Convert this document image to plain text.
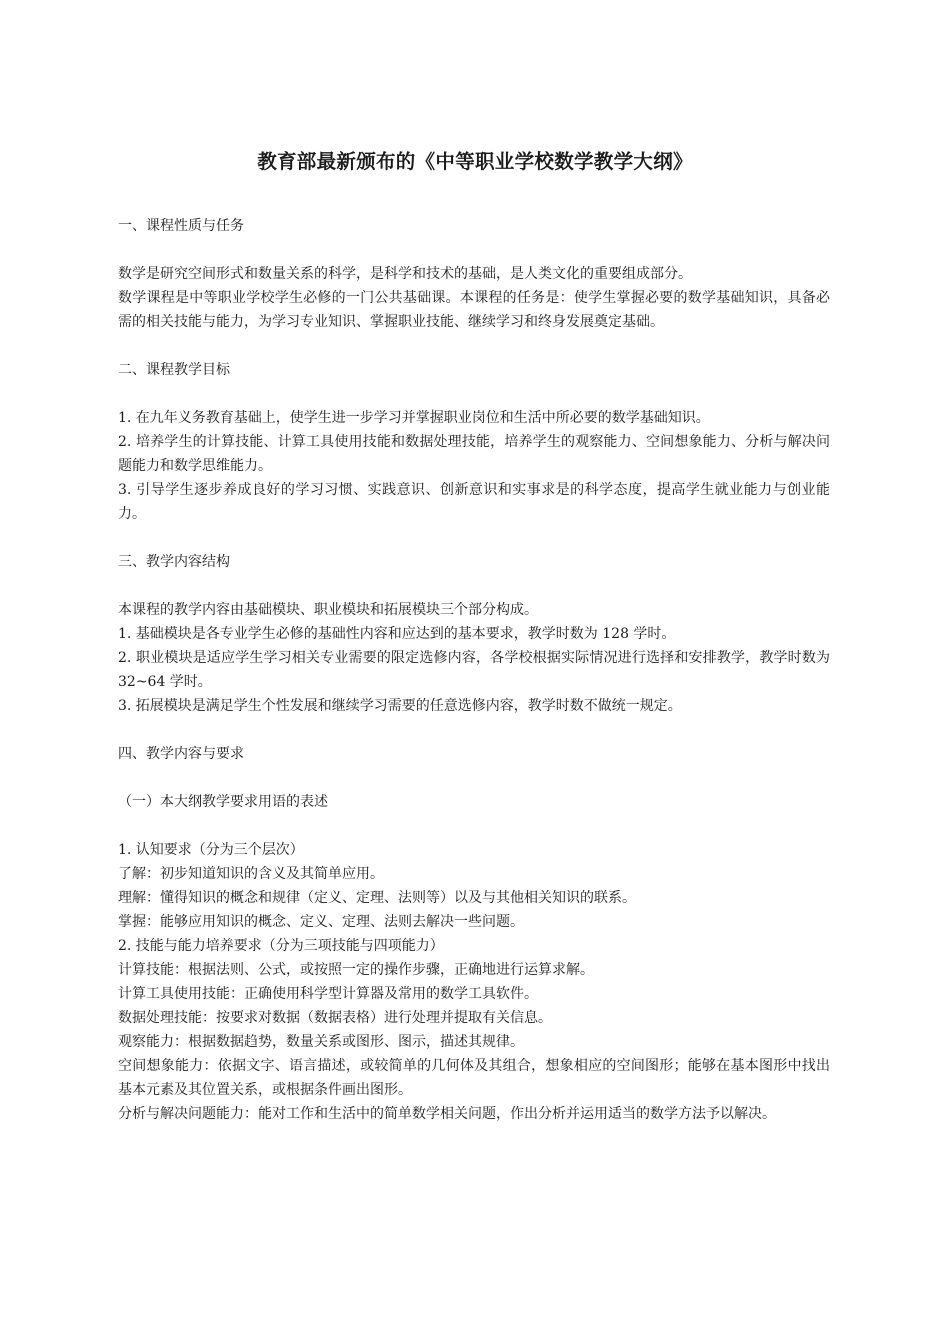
教育部最新颁布的《中等职业学校数学教学大纲》

一、课程性质与任务

数学是研究空间形式和数量关系的科学，是科学和技术的基础，是人类文化的重要组成部分。

数学课程是中等职业学校学生必修的一门公共基础课。本课程的任务是：使学生掌握必要的数学基础知识，具备必需的相关技能与能力，为学习专业知识、掌握职业技能、继续学习和终身发展奠定基础。

二、课程教学目标

1. 在九年义务教育基础上，使学生进一步学习并掌握职业岗位和生活中所必要的数学基础知识。

2. 培养学生的计算技能、计算工具使用技能和数据处理技能，培养学生的观察能力、空间想象能力、分析与解决问题能力和数学思维能力。

3. 引导学生逐步养成良好的学习习惯、实践意识、创新意识和实事求是的科学态度，提高学生就业能力与创业能力。

三、教学内容结构

本课程的教学内容由基础模块、职业模块和拓展模块三个部分构成。

1. 基础模块是各专业学生必修的基础性内容和应达到的基本要求，教学时数为 128 学时。

2. 职业模块是适应学生学习相关专业需要的限定选修内容，各学校根据实际情况进行选择和安排教学，教学时数为 32~64 学时。

3. 拓展模块是满足学生个性发展和继续学习需要的任意选修内容，教学时数不做统一规定。

四、教学内容与要求

（一）本大纲教学要求用语的表述

1. 认知要求（分为三个层次）

了解：初步知道知识的含义及其简单应用。

理解：懂得知识的概念和规律（定义、定理、法则等）以及与其他相关知识的联系。

掌握：能够应用知识的概念、定义、定理、法则去解决一些问题。

2. 技能与能力培养要求（分为三项技能与四项能力）

计算技能：根据法则、公式，或按照一定的操作步骤，正确地进行运算求解。

计算工具使用技能：正确使用科学型计算器及常用的数学工具软件。

数据处理技能：按要求对数据（数据表格）进行处理并提取有关信息。

观察能力：根据数据趋势，数量关系或图形、图示，描述其规律。

空间想象能力：依据文字、语言描述，或较简单的几何体及其组合，想象相应的空间图形；能够在基本图形中找出基本元素及其位置关系，或根据条件画出图形。

分析与解决问题能力：能对工作和生活中的简单数学相关问题，作出分析并运用适当的数学方法予以解决。
